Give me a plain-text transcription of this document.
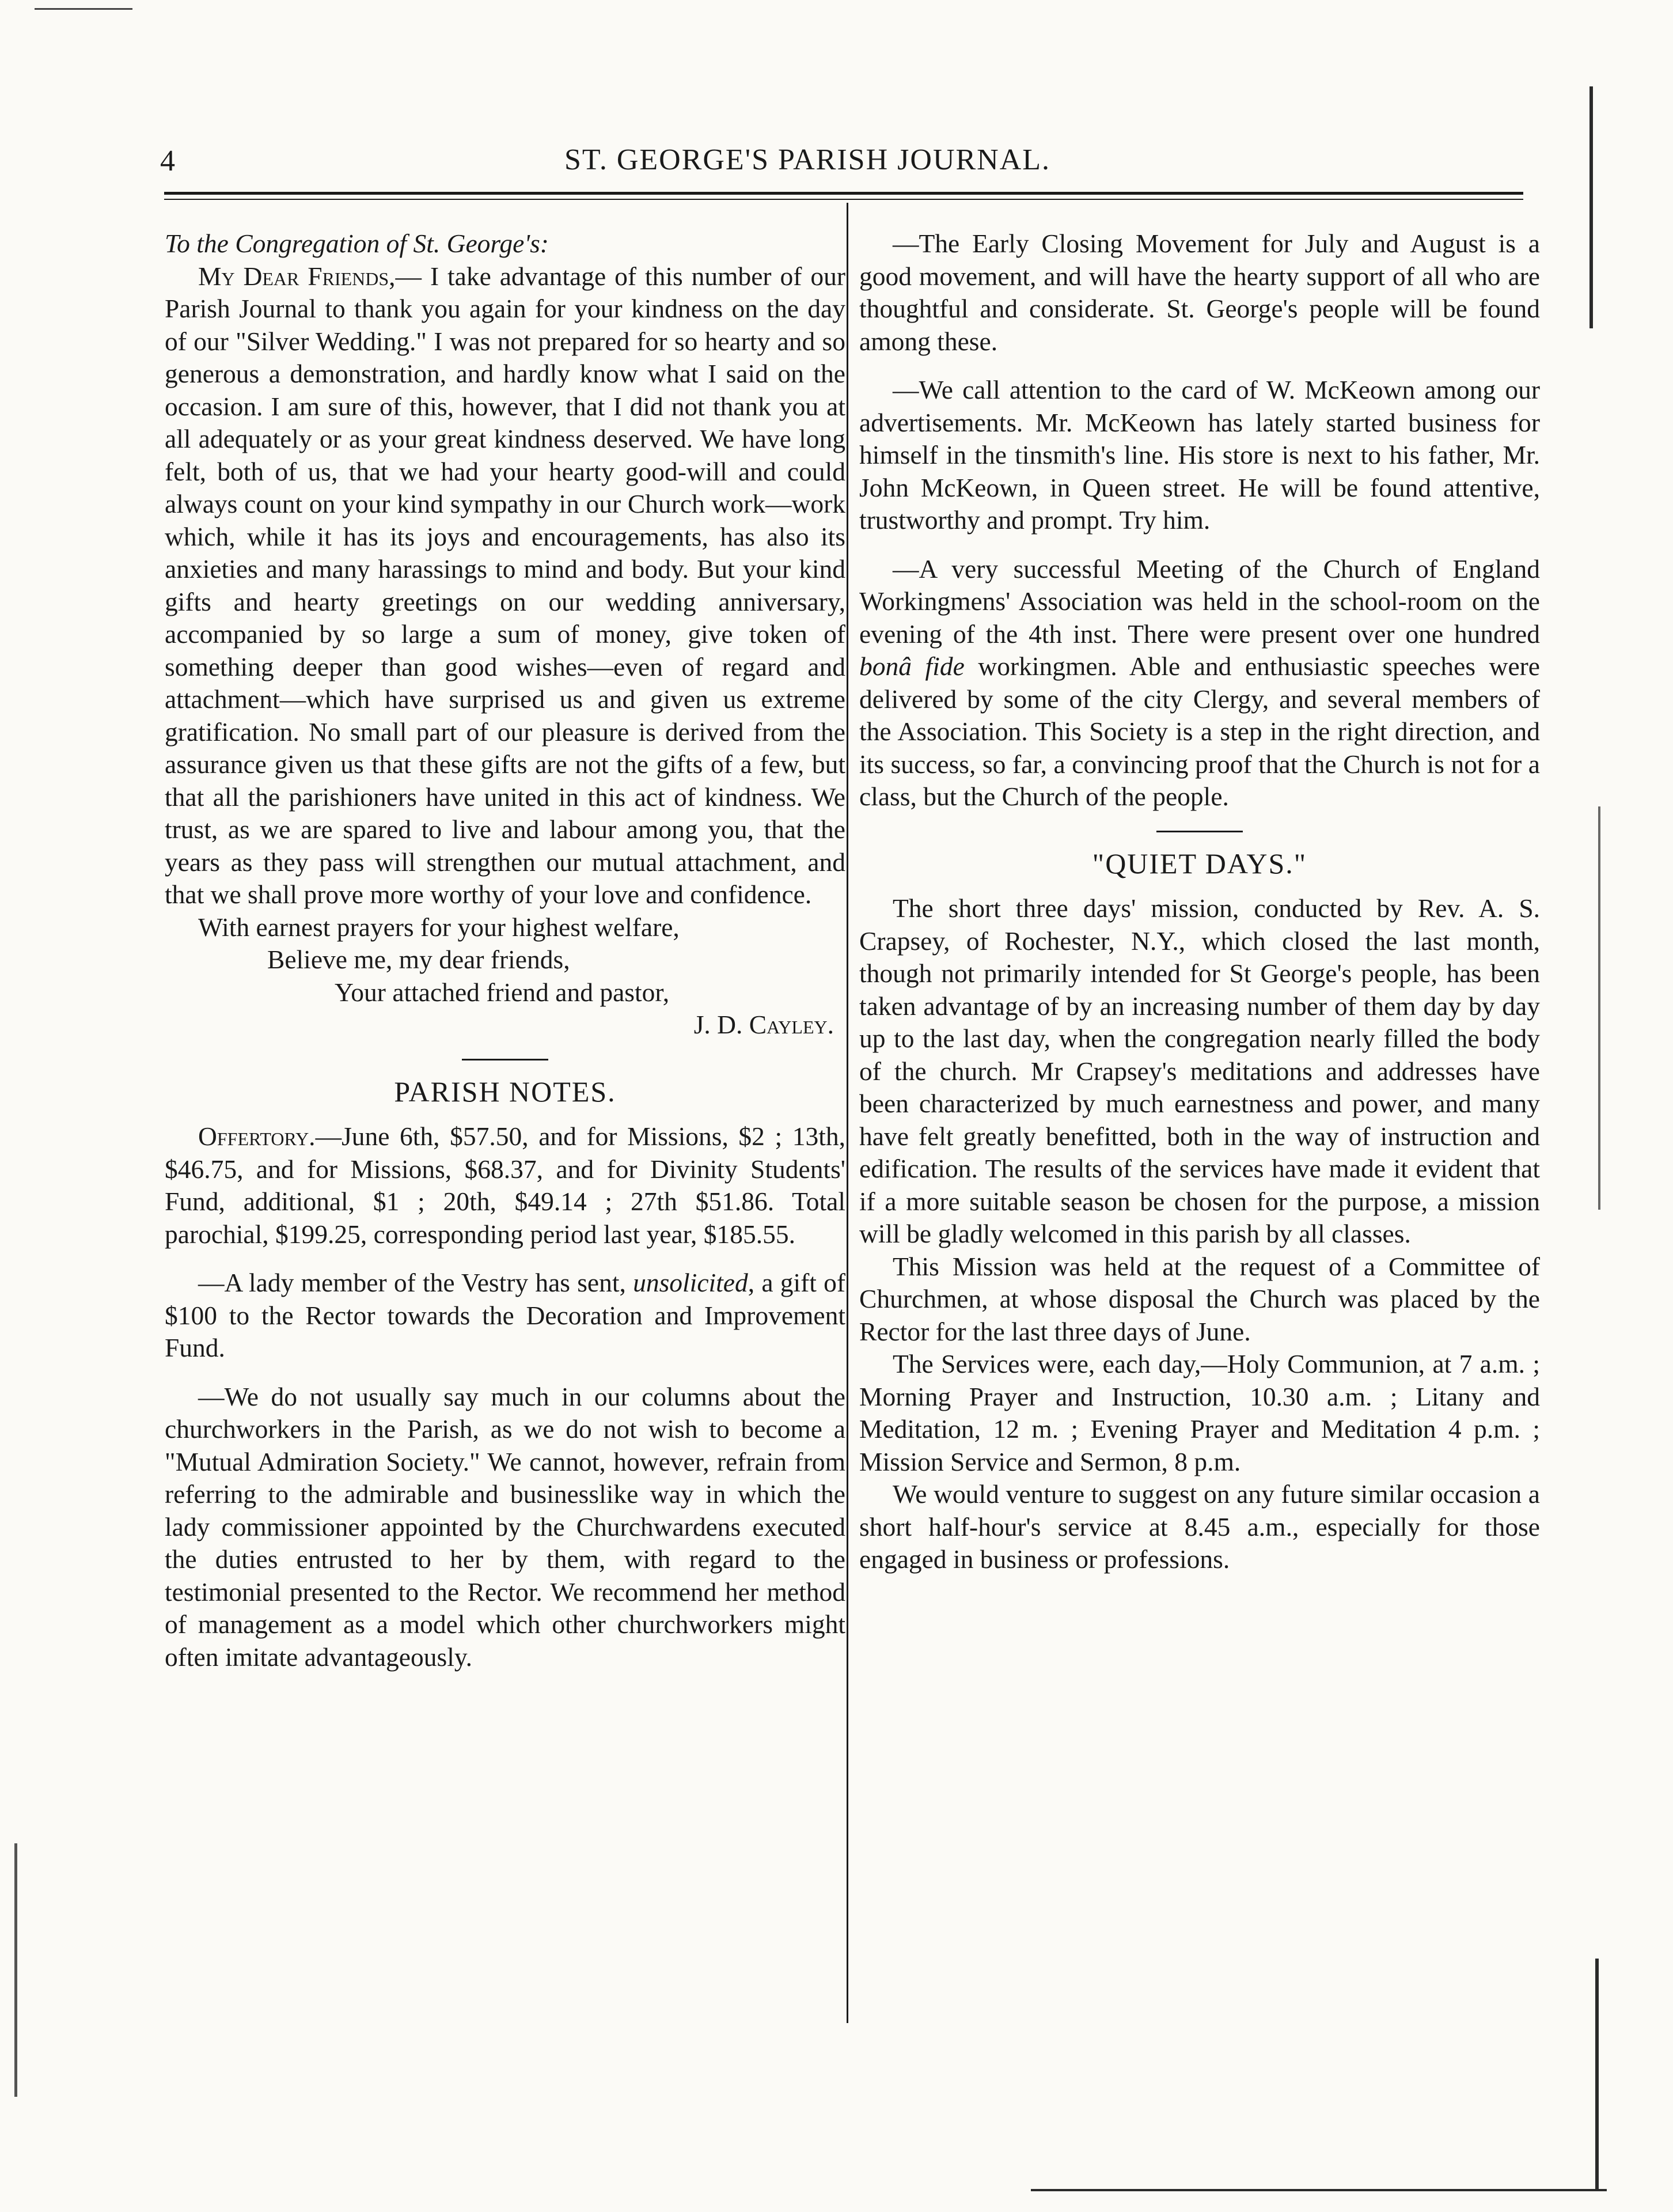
4	ST. GEORGE'S PARISH JOURNAL.

To the Congregation of St. George's:

My Dear Friends,— I take advantage of this number of our Parish Journal to thank you again for your kindness on the day of our "Silver Wedding." I was not prepared for so hearty and so generous a demonstration, and hardly know what I said on the occasion. I am sure of this, however, that I did not thank you at all adequately or as your great kindness deserved. We have long felt, both of us, that we had your hearty good-will and could always count on your kind sympathy in our Church work—work which, while it has its joys and encouragements, has also its anxieties and many harassings to mind and body. But your kind gifts and hearty greetings on our wedding anniversary, accompanied by so large a sum of money, give token of something deeper than good wishes—even of regard and attachment—which have surprised us and given us extreme gratification. No small part of our pleasure is derived from the assurance given us that these gifts are not the gifts of a few, but that all the parishioners have united in this act of kindness. We trust, as we are spared to live and labour among you, that the years as they pass will strengthen our mutual attachment, and that we shall prove more worthy of your love and confidence.

With earnest prayers for your highest welfare,

Believe me, my dear friends,

Your attached friend and pastor,

J. D. Cayley.

PARISH NOTES.

Offertory.—June 6th, $57.50, and for Missions, $2 ; 13th, $46.75, and for Missions, $68.37, and for Divinity Students' Fund, additional, $1 ; 20th, $49.14 ; 27th $51.86. Total parochial, $199.25, corresponding period last year, $185.55.

—A lady member of the Vestry has sent, unsolicited, a gift of $100 to the Rector towards the Decoration and Improvement Fund.

—We do not usually say much in our columns about the churchworkers in the Parish, as we do not wish to become a "Mutual Admiration Society." We cannot, however, refrain from referring to the admirable and businesslike way in which the lady commissioner appointed by the Churchwardens executed the duties entrusted to her by them, with regard to the testimonial presented to the Rector. We recommend her method of management as a model which other churchworkers might often imitate advantageously.

—The Early Closing Movement for July and August is a good movement, and will have the hearty support of all who are thoughtful and considerate. St. George's people will be found among these.

—We call attention to the card of W. McKeown among our advertisements. Mr. McKeown has lately started business for himself in the tinsmith's line. His store is next to his father, Mr. John McKeown, in Queen street. He will be found attentive, trustworthy and prompt. Try him.

—A very successful Meeting of the Church of England Workingmens' Association was held in the school-room on the evening of the 4th inst. There were present over one hundred bonâ fide workingmen. Able and enthusiastic speeches were delivered by some of the city Clergy, and several members of the Association. This Society is a step in the right direction, and its success, so far, a convincing proof that the Church is not for a class, but the Church of the people.

"QUIET DAYS."

The short three days' mission, conducted by Rev. A. S. Crapsey, of Rochester, N.Y., which closed the last month, though not primarily intended for St George's people, has been taken advantage of by an increasing number of them day by day up to the last day, when the congregation nearly filled the body of the church. Mr Crapsey's meditations and addresses have been characterized by much earnestness and power, and many have felt greatly benefitted, both in the way of instruction and edification. The results of the services have made it evident that if a more suitable season be chosen for the purpose, a mission will be gladly welcomed in this parish by all classes.

This Mission was held at the request of a Committee of Churchmen, at whose disposal the Church was placed by the Rector for the last three days of June.

The Services were, each day,—Holy Communion, at 7 a.m. ; Morning Prayer and Instruction, 10.30 a.m. ; Litany and Meditation, 12 m. ; Evening Prayer and Meditation 4 p.m. ; Mission Service and Sermon, 8 p.m.

We would venture to suggest on any future similar occasion a short half-hour's service at 8.45 a.m., especially for those engaged in business or professions.
